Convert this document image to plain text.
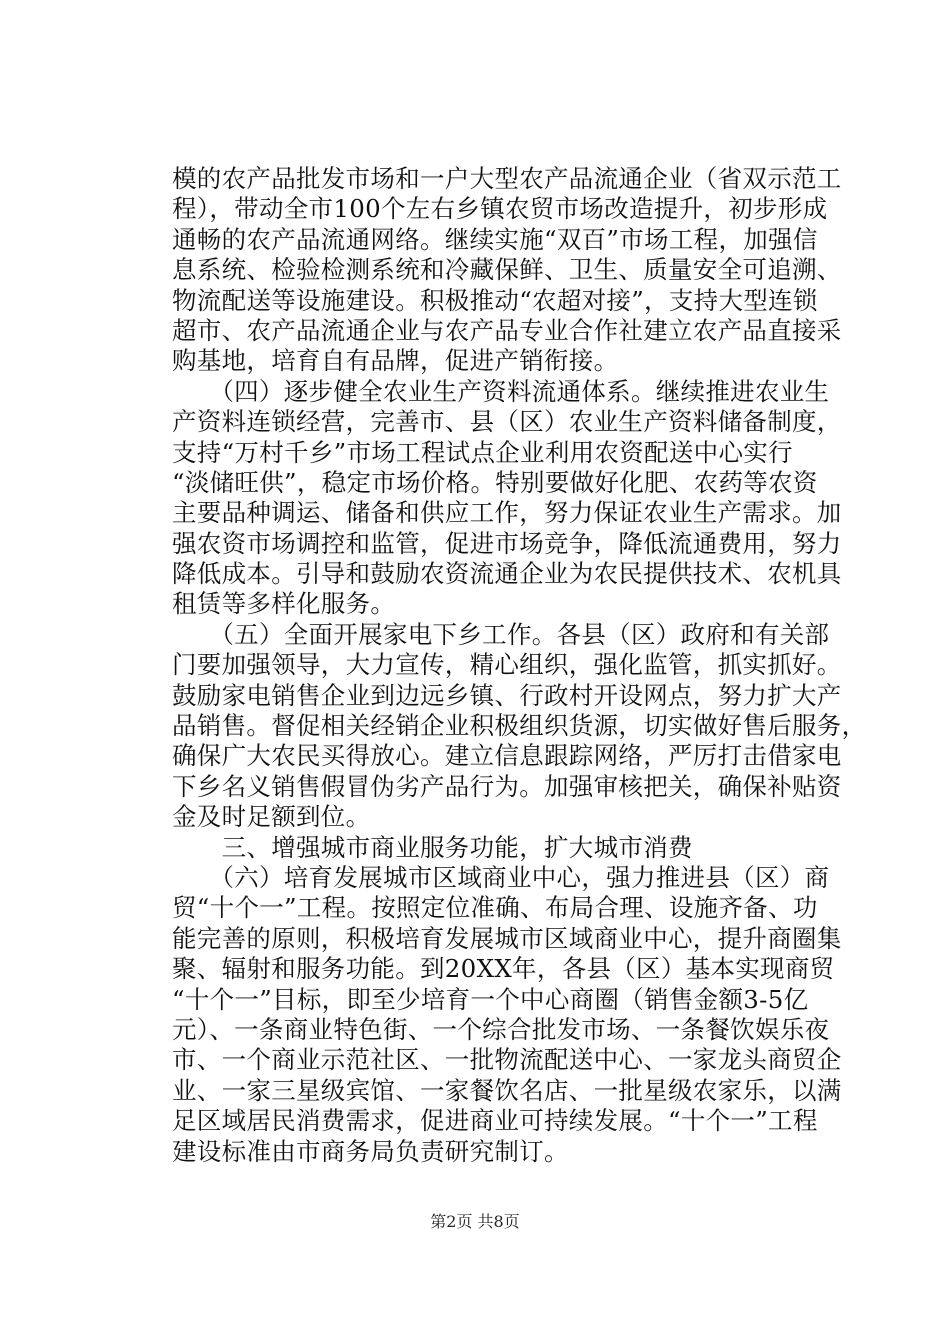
模的农产品批发市场和一户大型农产品流通企业（省双示范工
程），带动全市100个左右乡镇农贸市场改造提升，初步形成
通畅的农产品流通网络。继续实施“双百”市场工程，加强信
息系统、检验检测系统和冷藏保鲜、卫生、质量安全可追溯、
物流配送等设施建设。积极推动“农超对接”，支持大型连锁
超市、农产品流通企业与农产品专业合作社建立农产品直接采
购基地，培育自有品牌，促进产销衔接。
　　（四）逐步健全农业生产资料流通体系。继续推进农业生
产资料连锁经营，完善市、县（区）农业生产资料储备制度，
支持“万村千乡”市场工程试点企业利用农资配送中心实行
“淡储旺供”，稳定市场价格。特别要做好化肥、农药等农资
主要品种调运、储备和供应工作，努力保证农业生产需求。加
强农资市场调控和监管，促进市场竞争，降低流通费用，努力
降低成本。引导和鼓励农资流通企业为农民提供技术、农机具
租赁等多样化服务。
　　（五）全面开展家电下乡工作。各县（区）政府和有关部
门要加强领导，大力宣传，精心组织，强化监管，抓实抓好。
鼓励家电销售企业到边远乡镇、行政村开设网点，努力扩大产
品销售。督促相关经销企业积极组织货源，切实做好售后服务，
确保广大农民买得放心。建立信息跟踪网络，严厉打击借家电
下乡名义销售假冒伪劣产品行为。加强审核把关，确保补贴资
金及时足额到位。
　　三、增强城市商业服务功能，扩大城市消费
　　（六）培育发展城市区域商业中心，强力推进县（区）商
贸“十个一”工程。按照定位准确、布局合理、设施齐备、功
能完善的原则，积极培育发展城市区域商业中心，提升商圈集
聚、辐射和服务功能。到20XX年，各县（区）基本实现商贸
“十个一”目标，即至少培育一个中心商圈（销售金额3-5亿
元）、一条商业特色街、一个综合批发市场、一条餐饮娱乐夜
市、一个商业示范社区、一批物流配送中心、一家龙头商贸企
业、一家三星级宾馆、一家餐饮名店、一批星级农家乐，以满
足区域居民消费需求，促进商业可持续发展。“十个一”工程
建设标准由市商务局负责研究制订。
第2页 共8页
